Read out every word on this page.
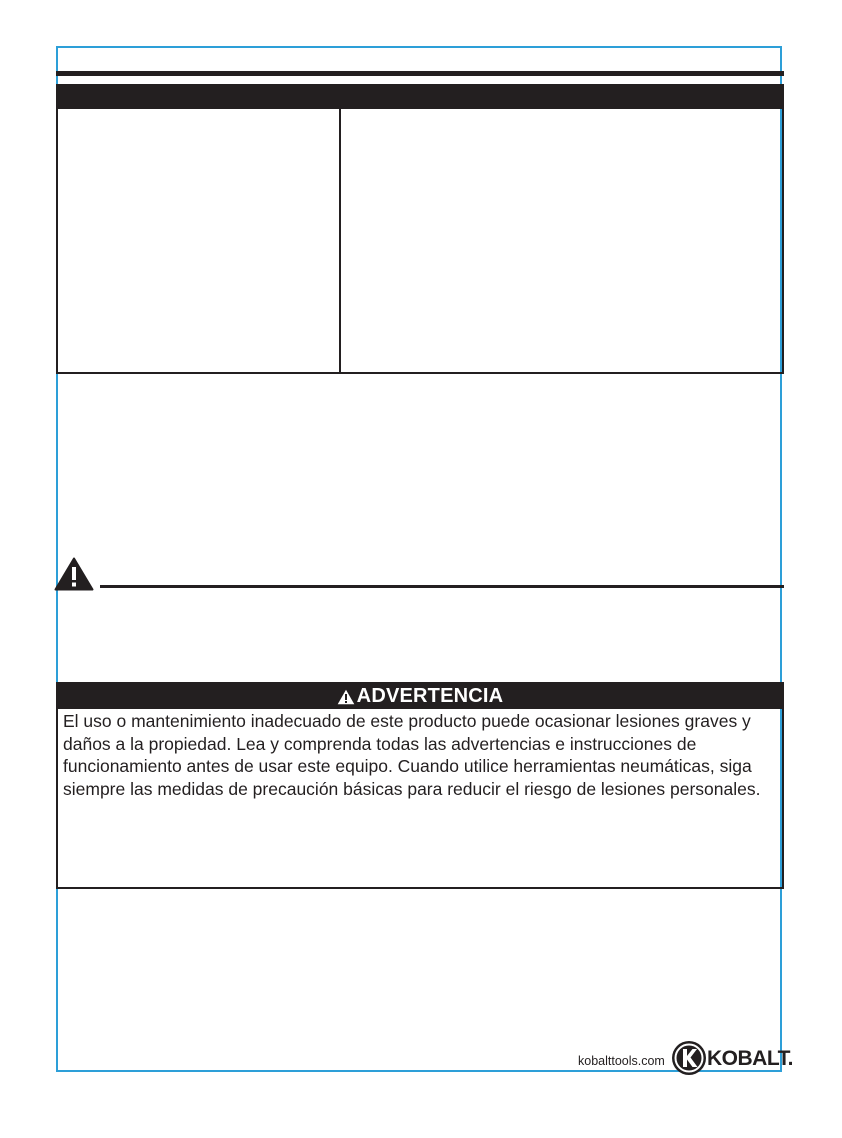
ADVERTENCIA
El uso o mantenimiento inadecuado de este producto puede ocasionar lesiones graves y daños a la propiedad. Lea y comprenda todas las advertencias e instrucciones de funcionamiento antes de usar este equipo. Cuando utilice herramientas neumáticas, siga siempre las medidas de precaución básicas para reducir el riesgo de lesiones personales.
kobalttools.com KOBALT.
